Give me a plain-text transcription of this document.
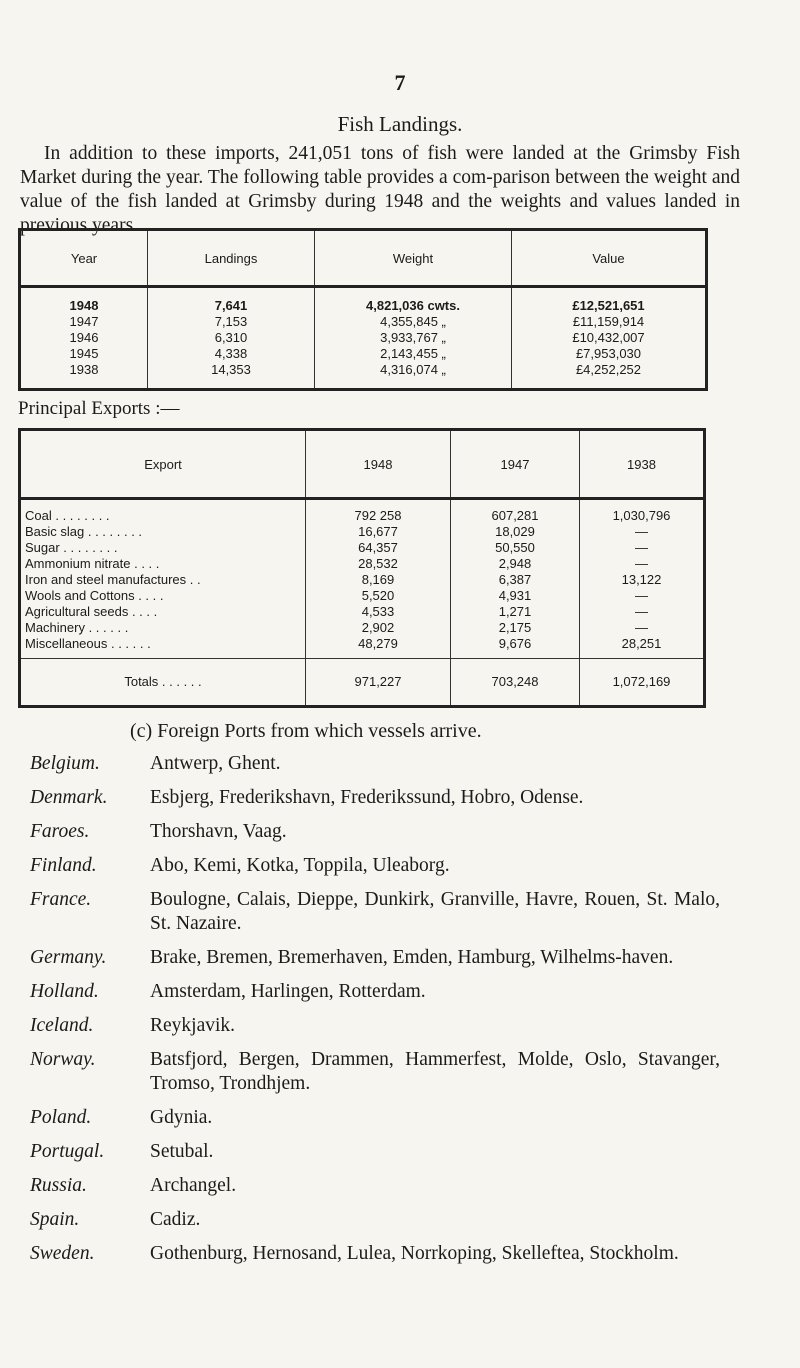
7
Fish Landings.
In addition to these imports, 241,051 tons of fish were landed at the Grimsby Fish Market during the year. The following table provides a com-parison between the weight and value of the fish landed at Grimsby during 1948 and the weights and values landed in previous years.
Year	Landings	Weight	Value
1948	7,641	4,821,036 cwts.	£12,521,651
1947	7,153	4,355,845 „	£11,159,914
1946	6,310	3,933,767 „	£10,432,007
1945	4,338	2,143,455 „	£7,953,030
1938	14,353	4,316,074 „	£4,252,252
Principal Exports :—
Export	1948	1947	1938
Coal . . . . . . . .	792 258	607,281	1,030,796
Basic slag . . . . . . . .	16,677	18,029	—
Sugar . . . . . . . .	64,357	50,550	—
Ammonium nitrate . . . .	28,532	2,948	—
Iron and steel manufactures . .	8,169	6,387	13,122
Wools and Cottons . . . .	5,520	4,931	—
Agricultural seeds . . . .	4,533	1,271	—
Machinery . . . . . .	2,902	2,175	—
Miscellaneous . . . . . .	48,279	9,676	28,251
Totals . . . . . .	971,227	703,248	1,072,169
(c) Foreign Ports from which vessels arrive.
Belgium.	Antwerp, Ghent.
Denmark.	Esbjerg, Frederikshavn, Frederikssund, Hobro, Odense.
Faroes.	Thorshavn, Vaag.
Finland.	Abo, Kemi, Kotka, Toppila, Uleaborg.
France.	Boulogne, Calais, Dieppe, Dunkirk, Granville, Havre, Rouen, St. Malo, St. Nazaire.
Germany.	Brake, Bremen, Bremerhaven, Emden, Hamburg, Wilhelms-haven.
Holland.	Amsterdam, Harlingen, Rotterdam.
Iceland.	Reykjavik.
Norway.	Batsfjord, Bergen, Drammen, Hammerfest, Molde, Oslo, Stavanger, Tromso, Trondhjem.
Poland.	Gdynia.
Portugal.	Setubal.
Russia.	Archangel.
Spain.	Cadiz.
Sweden.	Gothenburg, Hernosand, Lulea, Norrkoping, Skelleftea, Stockholm.
